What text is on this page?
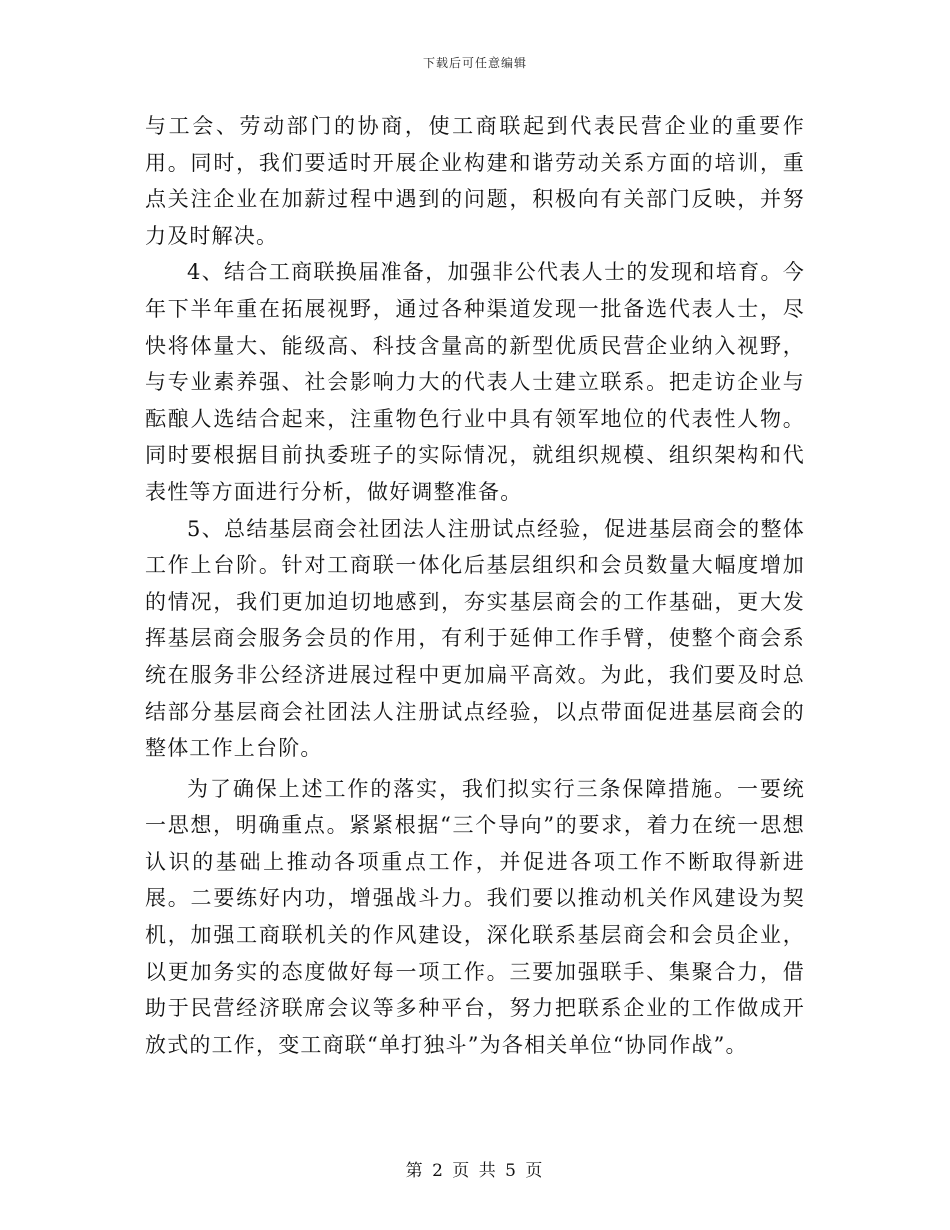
下载后可任意编辑

与工会、劳动部门的协商，使工商联起到代表民营企业的重要作用。同时，我们要适时开展企业构建和谐劳动关系方面的培训，重点关注企业在加薪过程中遇到的问题，积极向有关部门反映，并努力及时解决。

4、结合工商联换届准备，加强非公代表人士的发现和培育。今年下半年重在拓展视野，通过各种渠道发现一批备选代表人士，尽快将体量大、能级高、科技含量高的新型优质民营企业纳入视野，与专业素养强、社会影响力大的代表人士建立联系。把走访企业与酝酿人选结合起来，注重物色行业中具有领军地位的代表性人物。同时要根据目前执委班子的实际情况，就组织规模、组织架构和代表性等方面进行分析，做好调整准备。

5、总结基层商会社团法人注册试点经验，促进基层商会的整体工作上台阶。针对工商联一体化后基层组织和会员数量大幅度增加的情况，我们更加迫切地感到，夯实基层商会的工作基础，更大发挥基层商会服务会员的作用，有利于延伸工作手臂，使整个商会系统在服务非公经济进展过程中更加扁平高效。为此，我们要及时总结部分基层商会社团法人注册试点经验，以点带面促进基层商会的整体工作上台阶。

为了确保上述工作的落实，我们拟实行三条保障措施。一要统一思想，明确重点。紧紧根据“三个导向”的要求，着力在统一思想认识的基础上推动各项重点工作，并促进各项工作不断取得新进展。二要练好内功，增强战斗力。我们要以推动机关作风建设为契机，加强工商联机关的作风建设，深化联系基层商会和会员企业，以更加务实的态度做好每一项工作。三要加强联手、集聚合力，借助于民营经济联席会议等多种平台，努力把联系企业的工作做成开放式的工作，变工商联“单打独斗”为各相关单位“协同作战”。

第 2 页 共 5 页
